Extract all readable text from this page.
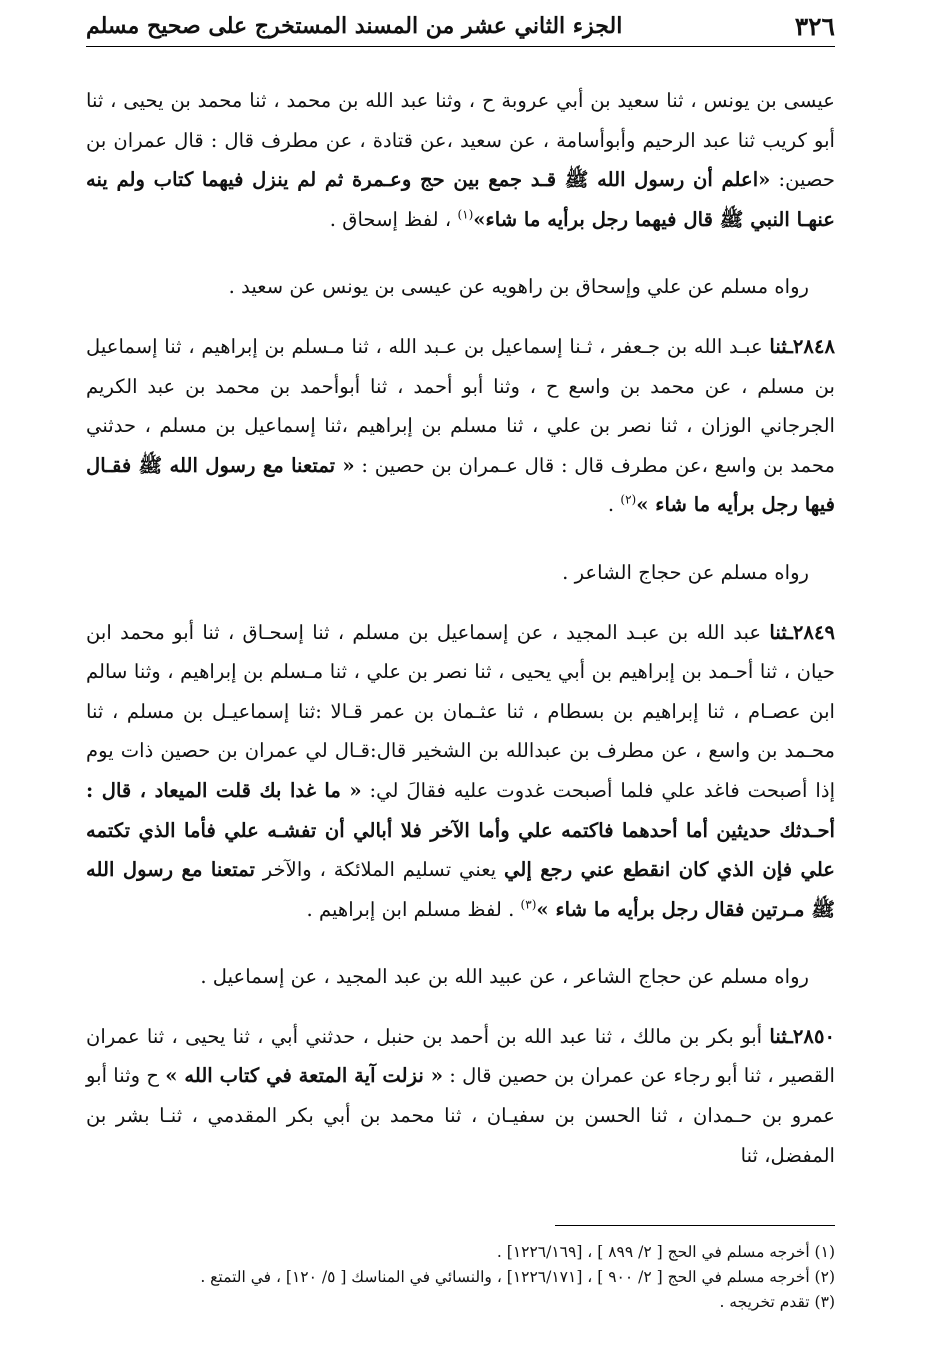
٣٢٦
الجزء الثاني عشر من المسند المستخرج على صحيح مسلم

عيسى بن يونس ، ثنا سعيد بن أبي عروبة ح ، وثنا عبد الله بن محمد ، ثنا محمد بن يحيى ، ثنا أبو كريب ثنا عبد الرحيم وأبوأسامة ، عن سعيد ،عن قتادة ، عن مطرف قال : قال عمران بن حصين: «اعلم أن رسول الله ﷺ قـد جمع بين حج وعـمرة ثم لم ينزل فيهما كتاب ولم ينه عنهـا النبي ﷺ قال فيهما رجل برأيه ما شاء»$^{(١)}$ ، لفظ إسحاق .

رواه مسلم عن علي وإسحاق بن راهويه عن عيسى بن يونس عن سعيد .

٢٨٤٨ـثنا عبـد الله بن جـعفر ، ثـنا إسماعيل بن عـبد الله ، ثنا مـسلم بن إبراهيم ، ثنا إسماعيل بن مسلم ، عن محمد بن واسع ح ، وثنا أبو أحمد ، ثنا أبوأحمد بن محمد بن عبد الكريم الجرجاني الوزان ، ثنا نصر بن علي ، ثنا مسلم بن إبراهيم ،ثنا إسماعيل بن مسلم ، حدثني محمد بن واسع ،عن مطرف قال : قال عـمران بن حصين : « تمتعنا مع رسول الله ﷺ فقـال فيها رجل برأيه ما شاء »$^{(٢)}$ .

رواه مسلم عن حجاج الشاعر .

٢٨٤٩ـثنا عبد الله بن عبـد المجيد ، عن إسماعيل بن مسلم ، ثنا إسحـاق ، ثنا أبو محمد ابن حيان ، ثنا أحـمد بن إبراهيم بن أبي يحيى ، ثنا نصر بن علي ، ثنا مـسلم بن إبراهيم ، وثنا سالم ابن عصـام ، ثنا إبراهيم بن بسطام ، ثنا عثـمان بن عمر قـالا :ثنا إسماعيـل بن مسلم ، ثنا محـمد بن واسع ، عن مطرف بن عبدالله بن الشخير قال:قـال لي عمران بن حصين ذات يوم إذا أصبحت فاغد علي فلما أصبحت غدوت عليه فقالَ لي: « ما غدا بك قلت الميعاد ، قال : أحـدثك حديثين أما أحدهما فاكتمه علي وأما الآخر فلا أبالي أن تفشـه علي فأما الذي تكتمه علي فإن الذي كان انقطع عني رجع إلي يعني تسليم الملائكة ، والآخر تمتعنا مع رسول الله ﷺ مـرتين فقال رجل برأيه ما شاء »$^{(٣)}$ . لفظ مسلم ابن إبراهيم .

رواه مسلم عن حجاج الشاعر ، عن عبيد الله بن عبد المجيد ، عن إسماعيل .

٢٨٥٠ـثنا أبو بكر بن مالك ، ثنا عبد الله بن أحمد بن حنبل ، حدثني أبي ، ثنا يحيى ، ثنا عمران القصير ، ثنا أبو رجاء عن عمران بن حصين قال : « نزلت آية المتعة في كتاب الله » ح وثنا أبو عمرو بن حـمدان ، ثنا الحسن بن سفيـان ، ثنا محمد بن أبي بكر المقدمي ، ثنـا بشر بن المفضل، ثنا

(١) أخرجه مسلم في الحج [ ٢/ ٨٩٩ ] ، [١٢٢٦/١٦٩] .

(٢) أخرجه مسلم في الحج [ ٢/ ٩٠٠ ] ، [١٢٢٦/١٧١] ، والنسائي في المناسك [ ٥/ ١٢٠] ، في التمتع .

(٣) تقدم تخريجه .
